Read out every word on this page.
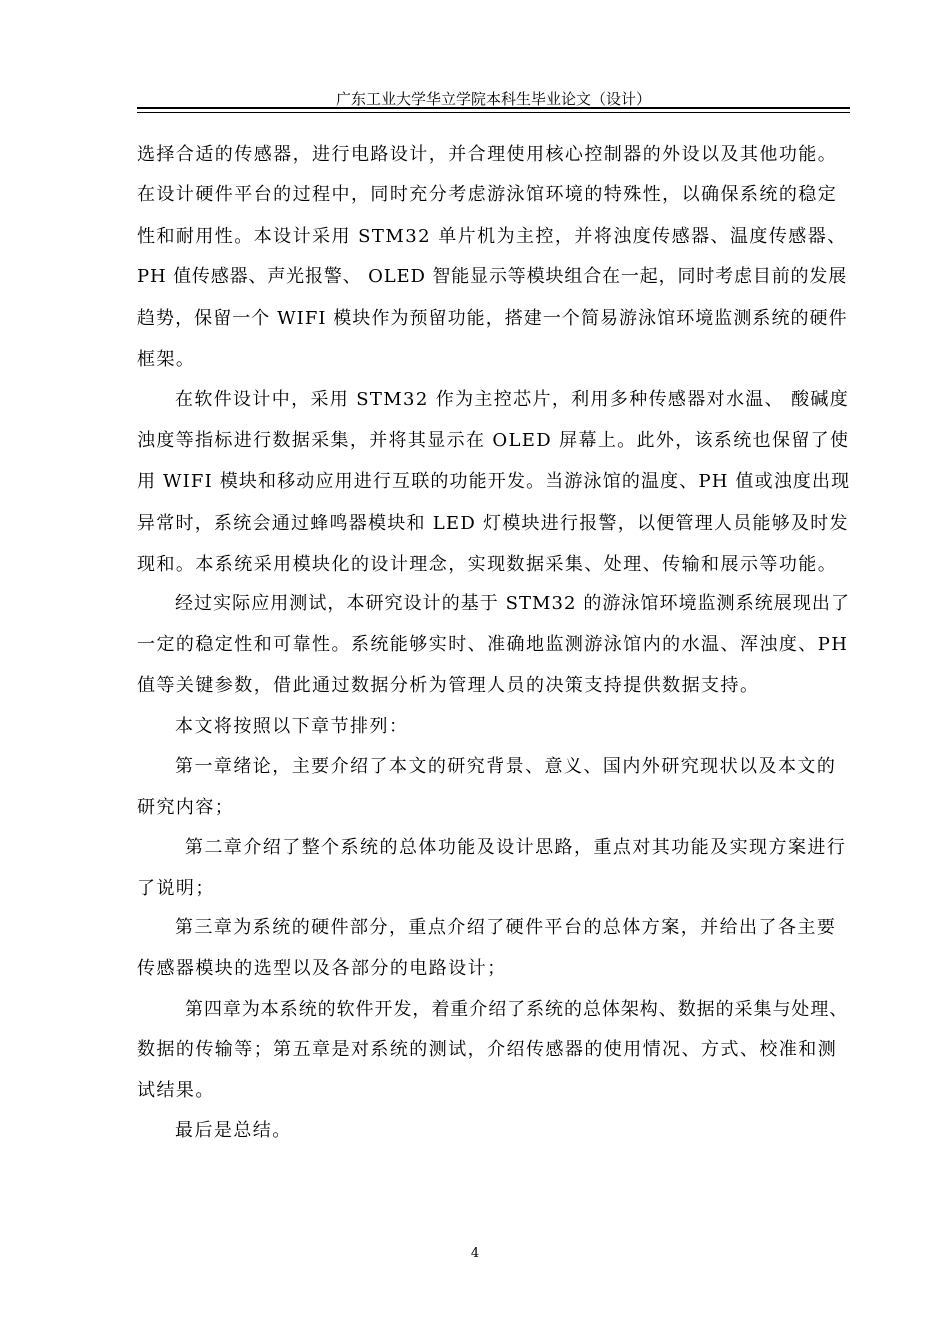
广东工业大学华立学院本科生毕业论文（设计）
选择合适的传感器，进行电路设计，并合理使用核心控制器的外设以及其他功能。
在设计硬件平台的过程中，同时充分考虑游泳馆环境的特殊性，以确保系统的稳定
性和耐用性。本设计采用 STM32 单片机为主控，并将浊度传感器、温度传感器、
PH 值传感器、声光报警、 OLED 智能显示等模块组合在一起，同时考虑目前的发展
趋势，保留一个 WIFI 模块作为预留功能，搭建一个简易游泳馆环境监测系统的硬件
框架。
在软件设计中，采用 STM32 作为主控芯片，利用多种传感器对水温、 酸碱度
浊度等指标进行数据采集，并将其显示在 OLED 屏幕上。此外，该系统也保留了使
用 WIFI 模块和移动应用进行互联的功能开发。当游泳馆的温度、PH 值或浊度出现
异常时，系统会通过蜂鸣器模块和 LED 灯模块进行报警，以便管理人员能够及时发
现和。本系统采用模块化的设计理念，实现数据采集、处理、传输和展示等功能。
经过实际应用测试，本研究设计的基于 STM32 的游泳馆环境监测系统展现出了
一定的稳定性和可靠性。系统能够实时、准确地监测游泳馆内的水温、浑浊度、PH
值等关键参数，借此通过数据分析为管理人员的决策支持提供数据支持。
本文将按照以下章节排列：
第一章绪论，主要介绍了本文的研究背景、意义、国内外研究现状以及本文的
研究内容；
第二章介绍了整个系统的总体功能及设计思路，重点对其功能及实现方案进行
了说明；
第三章为系统的硬件部分，重点介绍了硬件平台的总体方案，并给出了各主要
传感器模块的选型以及各部分的电路设计；
第四章为本系统的软件开发，着重介绍了系统的总体架构、数据的采集与处理、
数据的传输等；第五章是对系统的测试，介绍传感器的使用情况、方式、校准和测
试结果。
最后是总结。
4
